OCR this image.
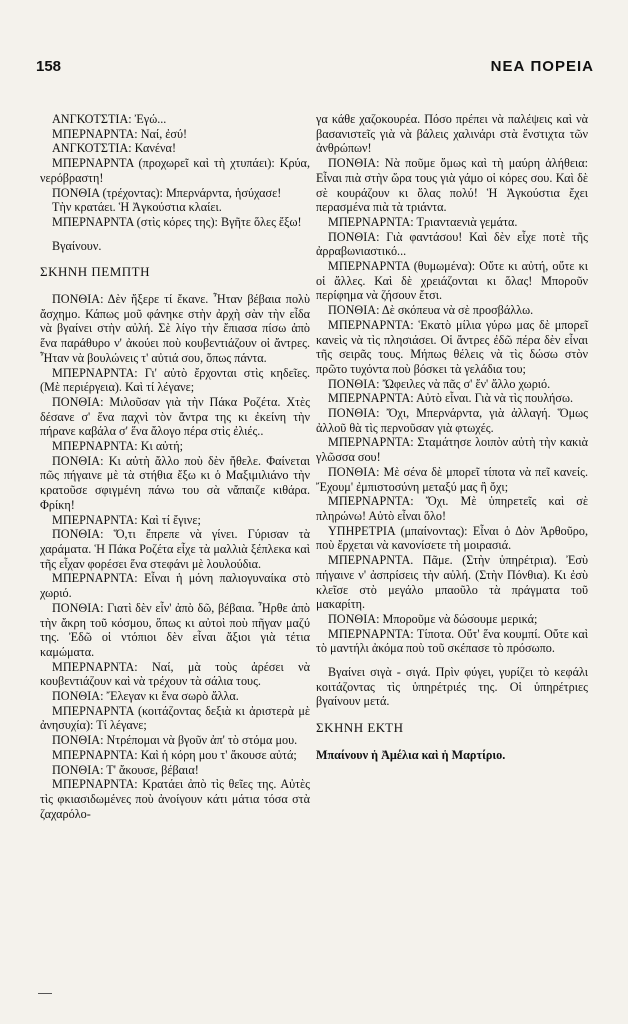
158	ΝΕΑ ΠΟΡΕΙΑ

ΑΝΓΚΟΤΣΤΙΑ: Ἐγώ...

ΜΠΕΡΝΑΡΝΤΑ: Ναί, ἐσύ!

ΑΝΓΚΟΤΣΤΙΑ: Κανένα!

ΜΠΕΡΝΑΡΝΤΑ (προχωρεῖ καὶ τὴ χτυπάει): Κρύα, νερόβραστη!

ΠΟΝΘΙΑ (τρέχοντας): Μπερνάρντα, ἡσύχασε!

Τὴν κρατάει. Ἡ Ἀγκούστια κλαίει.

ΜΠΕΡΝΑΡΝΤΑ (στὶς κόρες της): Βγῆτε ὅλες ἔξω!

Βγαίνουν.

ΣΚΗΝΗ ΠΕΜΠΤΗ

ΠΟΝΘΙΑ: Δὲν ἤξερε τί ἔκανε. Ἦταν βέβαια πολὺ ἄσχημο. Κάπως μοῦ φάνηκε στὴν ἀρχὴ σὰν τὴν εἶδα νὰ βγαίνει στὴν αὐλή. Σὲ λίγο τὴν ἔπιασα πίσω ἀπὸ ἕνα παράθυρο ν' ἀκούει ποὺ κουβεντιάζουν οἱ ἄντρες. Ἦταν νὰ βουλώνεις τ' αὐτιά σου, ὅπως πάντα.

ΜΠΕΡΝΑΡΝΤΑ: Γι' αὐτὸ ἔρχονται στὶς κηδεῖες. (Μὲ περιέργεια). Καὶ τί λέγανε;

ΠΟΝΘΙΑ: Μιλοῦσαν γιὰ τὴν Πάκα Ροζέτα. Χτὲς δέσανε σ' ἕνα παχνὶ τὸν ἄντρα της κι ἐκείνη τὴν πήρανε καβάλα σ' ἕνα ἄλογο πέρα στὶς ἐλιές..

ΜΠΕΡΝΑΡΝΤΑ: Κι αὐτή;

ΠΟΝΘΙΑ: Κι αὐτὴ ἄλλο ποὺ δὲν ἤθελε. Φαίνεται πῶς πήγαινε μὲ τὰ στήθια ἔξω κι ὁ Μαξιμιλιάνο τὴν κρατοῦσε σφιγμένη πάνω του σὰ νἄπαιζε κιθάρα. Φρίκη!

ΜΠΕΡΝΑΡΝΤΑ: Καὶ τί ἔγινε;

ΠΟΝΘΙΑ: Ὅ,τι ἔπρεπε νὰ γίνει. Γύρισαν τὰ χαράματα. Ἡ Πάκα Ροζέτα εἶχε τὰ μαλλιὰ ξέπλεκα καὶ τῆς εἶχαν φορέσει ἕνα στεφάνι μὲ λουλούδια.

ΜΠΕΡΝΑΡΝΤΑ: Εἶναι ἡ μόνη παλιογυναίκα στὸ χωριό.

ΠΟΝΘΙΑ: Γιατὶ δὲν εἶν' ἀπὸ δῶ, βέβαια. Ἦρθε ἀπὸ τὴν ἄκρη τοῦ κόσμου, ὅπως κι αὐτοὶ ποὺ πῆγαν μαζύ της. Ἐδῶ οἱ ντόπιοι δὲν εἶναι ἄξιοι γιὰ τέτια καμώματα.

ΜΠΕΡΝΑΡΝΤΑ: Ναί, μὰ τοὺς ἀρέσει νὰ κουβεντιάζουν καὶ νὰ τρέχουν τὰ σάλια τους.

ΠΟΝΘΙΑ: Ἔλεγαν κι ἕνα σωρὸ ἄλλα.

ΜΠΕΡΝΑΡΝΤΑ (κοιτάζοντας δεξιὰ κι ἀριστερὰ μὲ ἀνησυχία): Τί λέγανε;

ΠΟΝΘΙΑ: Ντρέπομαι νὰ βγοῦν ἀπ' τὸ στόμα μου.

ΜΠΕΡΝΑΡΝΤΑ: Καὶ ἡ κόρη μου τ' ἄκουσε αὐτά;

ΠΟΝΘΙΑ: Τ' ἄκουσε, βέβαια!

ΜΠΕΡΝΑΡΝΤΑ: Κρατάει ἀπὸ τὶς θεῖες της. Αὐτὲς τὶς φκιασιδωμένες ποὺ ἀνοίγουν κάτι μάτια τόσα στὰ ζαχαρόλο-

γα κάθε χαζοκουρέα. Πόσο πρέπει νὰ παλέψεις καὶ νὰ βασανιστεῖς γιὰ νὰ βάλεις χαλινάρι στὰ ἔνστιχτα τῶν ἀνθρώπων!

ΠΟΝΘΙΑ: Νὰ ποῦμε ὅμως καὶ τὴ μαύρη ἀλήθεια: Εἶναι πιὰ στὴν ὥρα τους γιὰ γάμο οἱ κόρες σου. Καὶ δὲ σὲ κουράζουν κι ὅλας πολύ! Ἡ Ἀγκούστια ἔχει περασμένα πιὰ τὰ τριάντα.

ΜΠΕΡΝΑΡΝΤΑ: Τριανταενιὰ γεμάτα.

ΠΟΝΘΙΑ: Γιὰ φαντάσου! Καὶ δὲν εἶχε ποτὲ τῆς ἀρραβωνιαστικό...

ΜΠΕΡΝΑΡΝΤΑ (θυμωμένα): Οὔτε κι αὐτή, οὔτε κι οἱ ἄλλες. Καὶ δὲ χρειάζονται κι ὅλας! Μποροῦν περίφημα νὰ ζήσουν ἔτσι.

ΠΟΝΘΙΑ: Δὲ σκόπευα νὰ σὲ προσβάλλω.

ΜΠΕΡΝΑΡΝΤΑ: Ἑκατὸ μίλια γύρω μας δὲ μπορεῖ κανεὶς νὰ τὶς πλησιάσει. Οἱ ἄντρες ἐδῶ πέρα δὲν εἶναι τῆς σειρᾶς τους. Μήπως θέλεις νὰ τὶς δώσω στὸν πρῶτο τυχόντα ποὺ βόσκει τὰ γελάδια του;

ΠΟΝΘΙΑ: Ὤφειλες νὰ πᾶς σ' ἕν' ἄλλο χωριό.

ΜΠΕΡΝΑΡΝΤΑ: Αὐτὸ εἶναι. Γιὰ νὰ τὶς πουλήσω.

ΠΟΝΘΙΑ: Ὄχι, Μπερνάρντα, γιὰ ἀλλαγή. Ὅμως ἀλλοῦ θὰ τὶς περνοῦσαν γιὰ φτωχές.

ΜΠΕΡΝΑΡΝΤΑ: Σταμάτησε λοιπὸν αὐτὴ τὴν κακιὰ γλῶσσα σου!

ΠΟΝΘΙΑ: Μὲ σένα δὲ μπορεῖ τίποτα νὰ πεῖ κανείς. Ἔχουμ' ἐμπιστοσύνη μεταξύ μας ἢ ὄχι;

ΜΠΕΡΝΑΡΝΤΑ: Ὄχι. Μὲ ὑπηρετεῖς καὶ σὲ πληρώνω! Αὐτὸ εἶναι ὅλο!

ΥΠΗΡΕΤΡΙΑ (μπαίνοντας): Εἶναι ὁ Δὸν Ἀρθοῦρο, ποὺ ἔρχεται νὰ κανονίσετε τὴ μοιρασιά.

ΜΠΕΡΝΑΡΝΤΑ. Πᾶμε. (Στὴν ὑπηρέτρια). Ἐσὺ πήγαινε ν' ἀσπρίσεις τὴν αὐλή. (Στὴν Πόνθια). Κι ἐσὺ κλεῖσε στὸ μεγάλο μπαοῦλο τὰ πράγματα τοῦ μακαρίτη.

ΠΟΝΘΙΑ: Μποροῦμε νὰ δώσουμε μερικά;

ΜΠΕΡΝΑΡΝΤΑ: Τίποτα. Οὔτ' ἕνα κουμπί. Οὔτε καὶ τὸ μαντήλι ἀκόμα ποὺ τοῦ σκέπασε τὸ πρόσωπο.

Βγαίνει σιγὰ - σιγά. Πρὶν φύγει, γυρίζει τὸ κεφάλι κοιτάζοντας τὶς ὑπηρέτριές της. Οἱ ὑπηρέτριες βγαίνουν μετά.

ΣΚΗΝΗ ΕΚΤΗ

Μπαίνουν ἡ Ἀμέλια καὶ ἡ Μαρτίριο.
